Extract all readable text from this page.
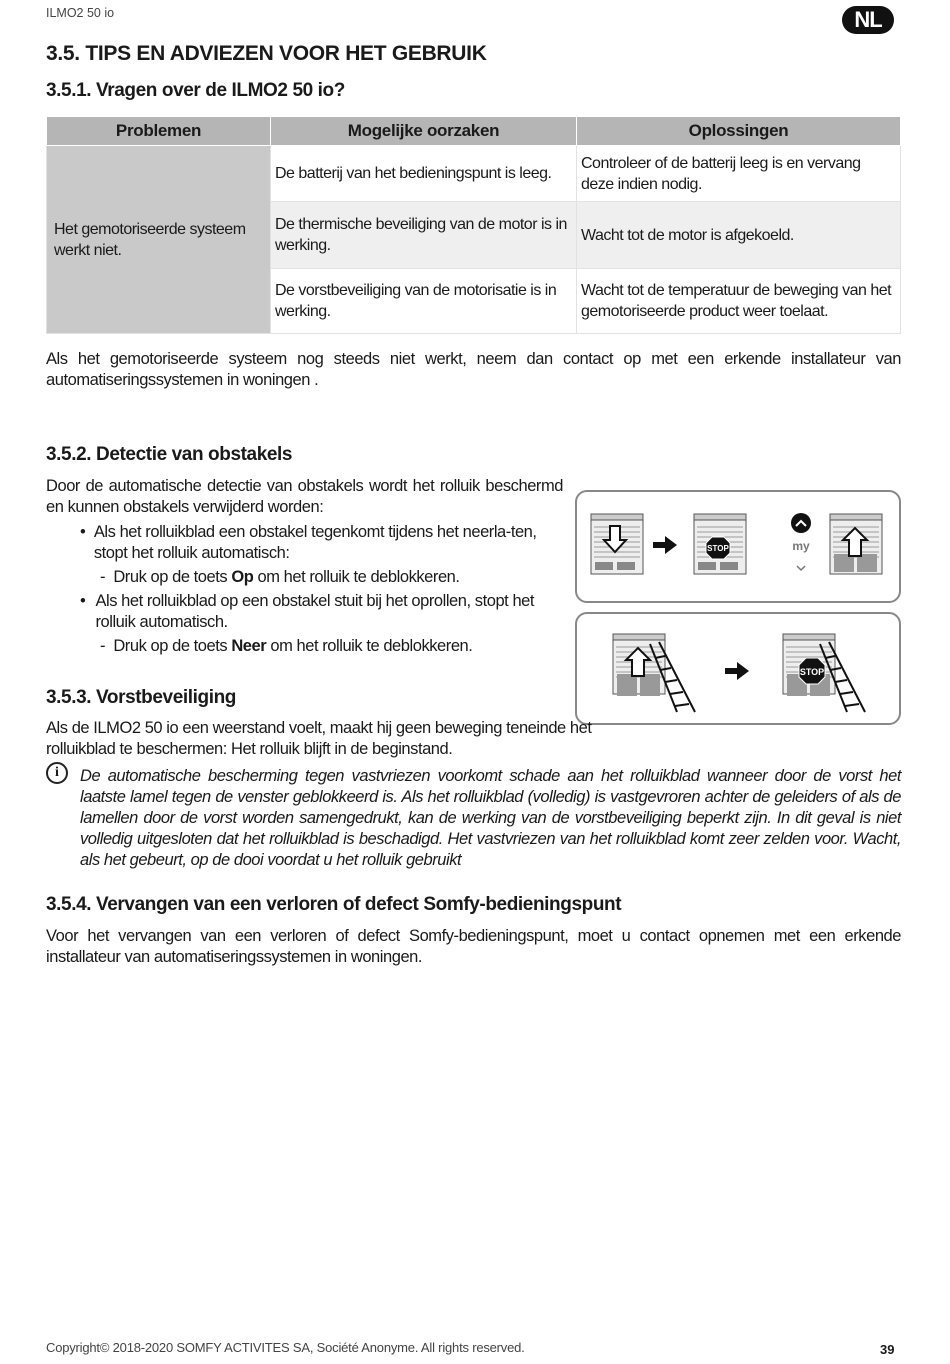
ILMO2 50 io	NL
3.5. TIPS EN ADVIEZEN VOOR HET GEBRUIK
3.5.1. Vragen over de ILMO2 50 io?
Problemen	Mogelijke oorzaken	Oplossingen
Het gemotoriseerde systeem werkt niet.	De batterij van het bedieningspunt is leeg.	Controleer of de batterij leeg is en vervang deze indien nodig.
	De thermische beveiliging van de motor is in werking.	Wacht tot de motor is afgekoeld.
	De vorstbeveiliging van de motorisatie is in werking.	Wacht tot de temperatuur de beweging van het gemotoriseerde product weer toelaat.

Als het gemotoriseerde systeem nog steeds niet werkt, neem dan contact op met een erkende installateur van automatiseringssystemen in woningen .

3.5.2. Detectie van obstakels

Door de automatische detectie van obstakels wordt het rolluik beschermd en kunnen obstakels verwijderd worden:

• Als het rolluikblad een obstakel tegenkomt tijdens het neerla-ten, stopt het rolluik automatisch:
-  Druk op de toets Op om het rolluik te deblokkeren.
• Als het rolluikblad op een obstakel stuit bij het oprollen, stopt het rolluik automatisch.
-  Druk op de toets Neer om het rolluik te deblokkeren.
STOP	my
STOP
3.5.3. Vorstbeveiliging

Als de ILMO2 50 io een weerstand voelt, maakt hij geen beweging teneinde het rolluikblad te beschermen: Het rolluik blijft in de beginstand.

i	De automatische bescherming tegen vastvriezen voorkomt schade aan het rolluikblad wanneer door de vorst het laatste lamel tegen de venster geblokkeerd is. Als het rolluikblad (volledig) is vastgevroren achter de geleiders of als de lamellen door de vorst worden samengedrukt, kan de werking van de vorstbeveiliging beperkt zijn. In dit geval is niet volledig uitgesloten dat het rolluikblad is beschadigd. Het vastvriezen van het rolluikblad komt zeer zelden voor. Wacht, als het gebeurt, op de dooi voordat u het rolluik gebruikt

3.5.4. Vervangen van een verloren of defect Somfy-bedieningspunt

Voor het vervangen van een verloren of defect Somfy-bedieningspunt, moet u contact opnemen met een erkende installateur van automatiseringssystemen in woningen.

Copyright© 2018-2020 SOMFY ACTIVITES SA, Société Anonyme. All rights reserved.	39
